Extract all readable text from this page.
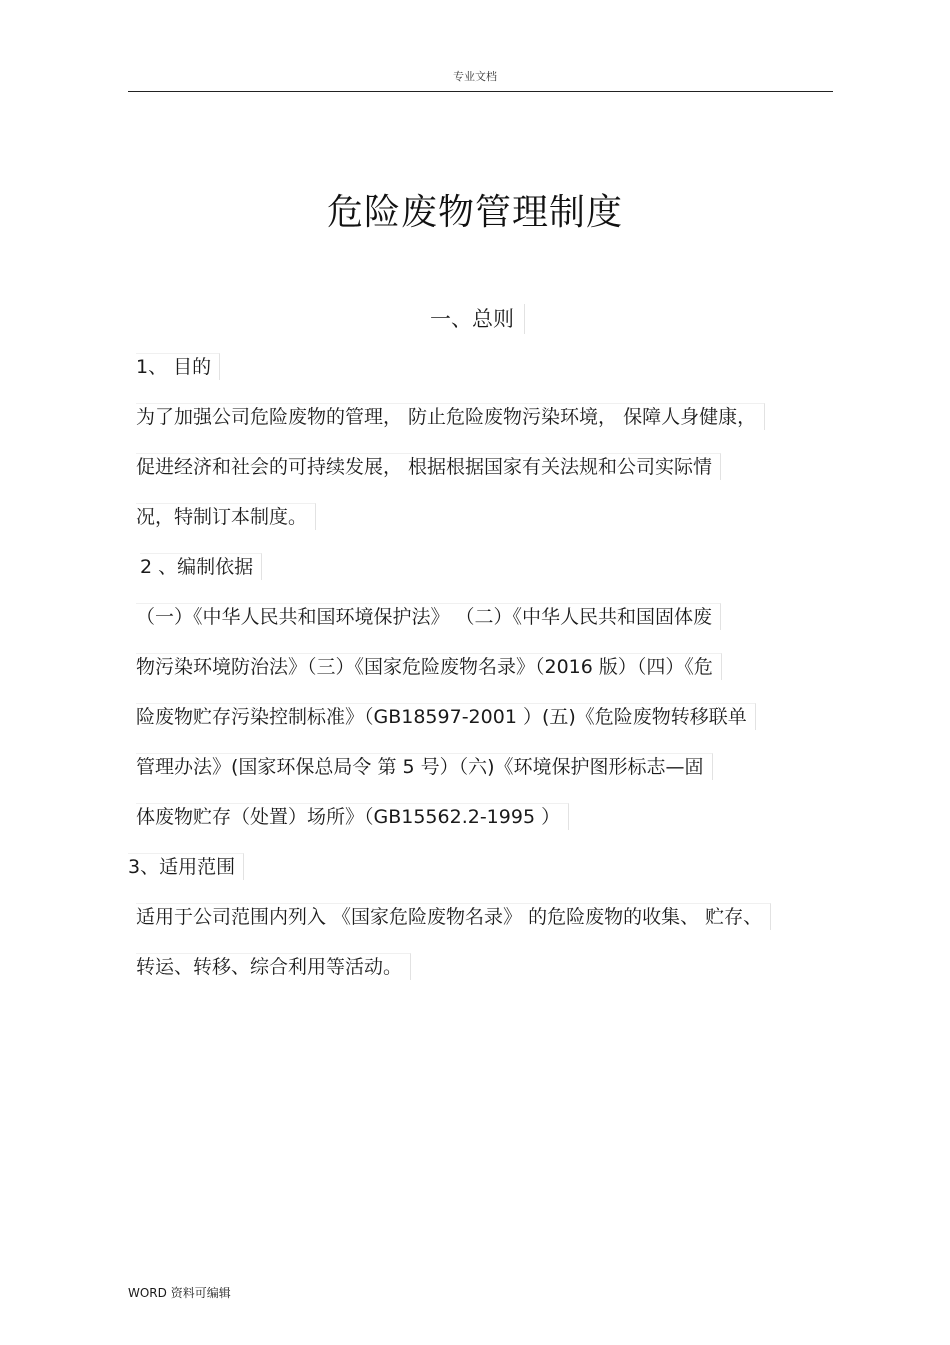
专业文档
危险废物管理制度
一、总则
1、 目的
为了加强公司危险废物的管理， 防止危险废物污染环境， 保障人身健康，
促进经济和社会的可持续发展， 根据根据国家有关法规和公司实际情
况，特制订本制度。
2 、编制依据
（一）《中华人民共和国环境保护法》 （二）《中华人民共和国固体废
物污染环境防治法》（三）《国家危险废物名录》（2016 版）（四）《危
险废物贮存污染控制标准》（GB18597-2001 ）(五)《危险废物转移联单
管理办法》(国家环保总局令 第 5 号）（六)《环境保护图形标志—固
体废物贮存（处置）场所》（GB15562.2-1995 ）
3、适用范围
适用于公司范围内列入 《国家危险废物名录》 的危险废物的收集、 贮存、
转运、转移、综合利用等活动。
WORD 资料可编辑
